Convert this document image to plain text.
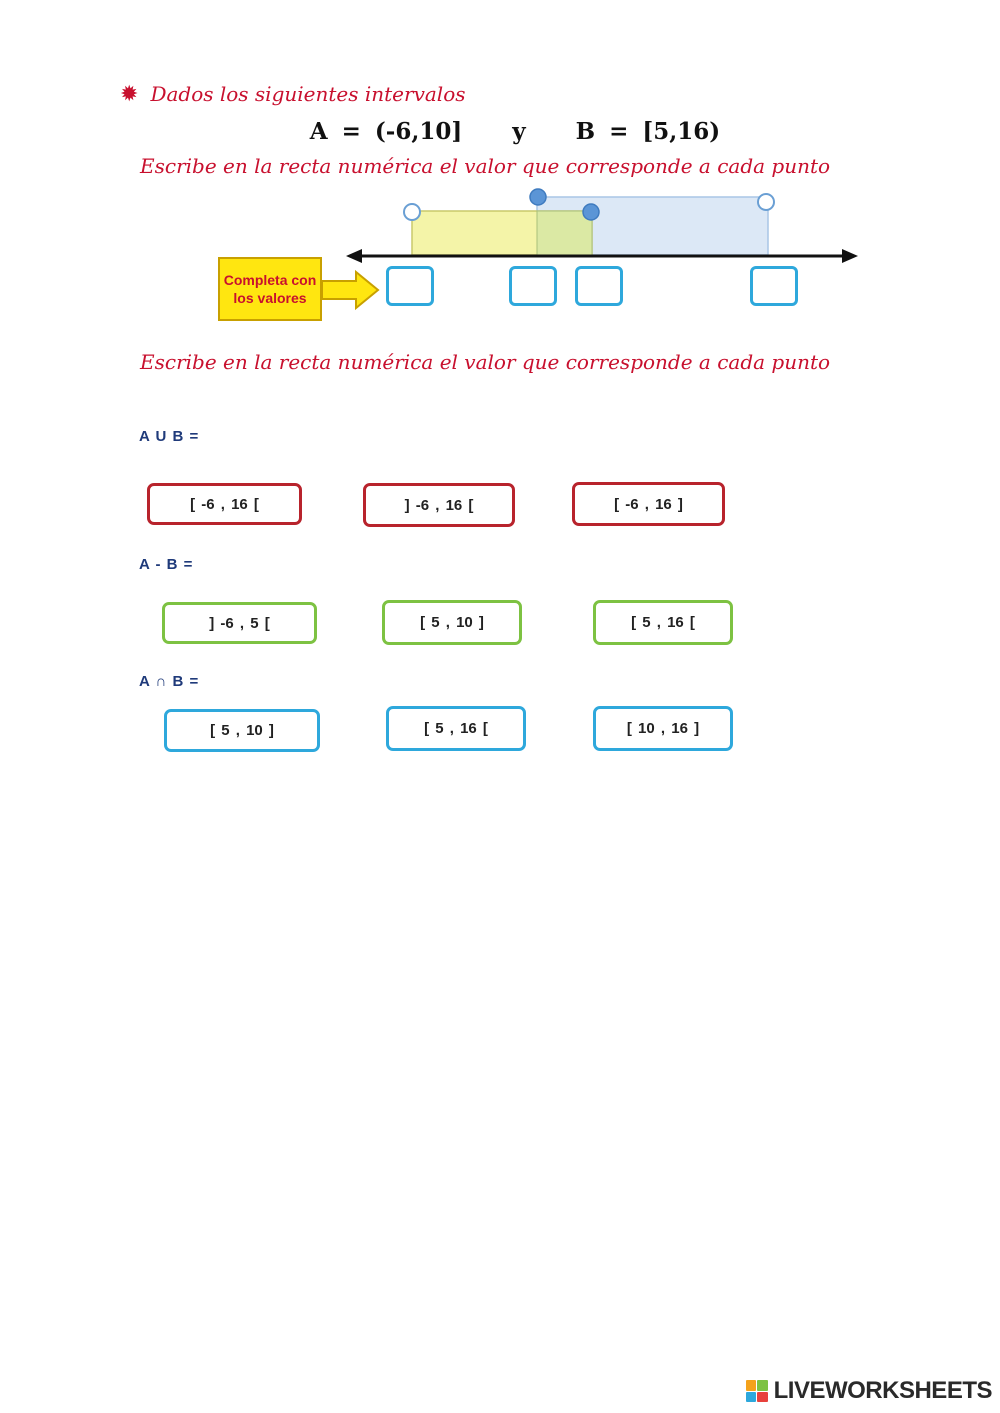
✹ Dados los siguientes intervalos
A = (-6,10] y B = [5,16)
Escribe en la recta numérica el valor que corresponde a cada punto
Completa con los valores
Escribe en la recta numérica el valor que corresponde a cada punto
A U B =
[ -6 , 16 [	] -6 , 16 [	[ -6 , 16 ]
A - B =
] -6 , 5 [	[ 5 , 10 ]	[ 5 , 16 [
A ∩ B =
[ 5 , 10 ]	[ 5 , 16 [	[ 10 , 16 ]
LIVEWORKSHEETS
